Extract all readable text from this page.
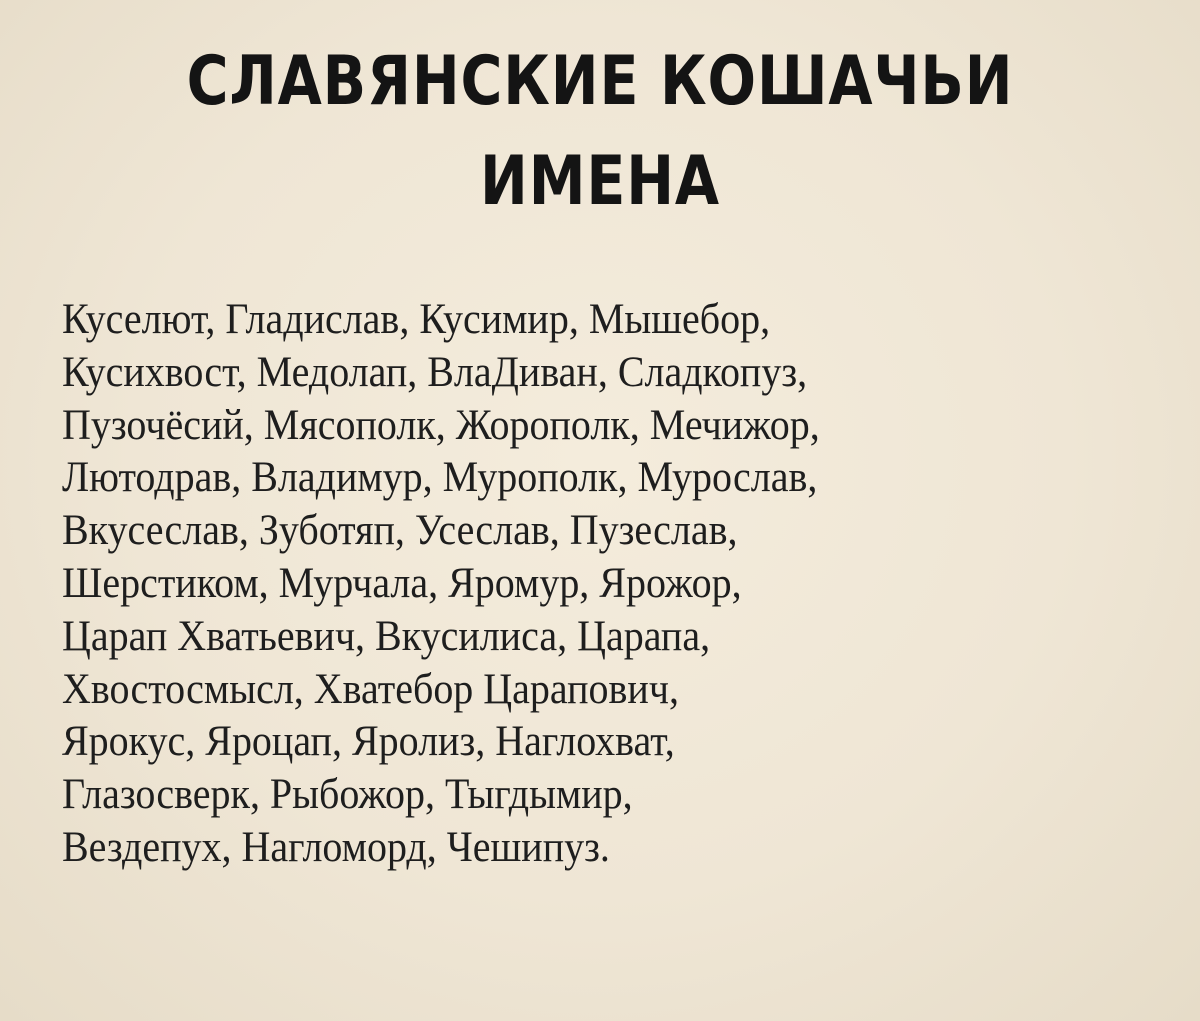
СЛАВЯНСКИЕ КОШАЧЬИ
ИМЕНА
Куселют, Гладислав, Кусимир, Мышебор,
Кусихвост, Медолап, ВлаДиван, Сладкопуз,
Пузочёсий, Мясополк, Жорополк, Мечижор,
Лютодрав, Владимур, Мурополк, Мурослав,
Вкусеслав, Зуботяп, Усеслав, Пузеслав,
Шерстиком, Мурчала, Яромур, Ярожор,
Царап Хватьевич, Вкусилиса, Царапа,
Хвостосмысл, Хватебор Царапович,
Ярокус, Яроцап, Яролиз, Наглохват,
Глазосверк, Рыбожор, Тыгдымир,
Вездепух, Нагломорд, Чешипуз.
